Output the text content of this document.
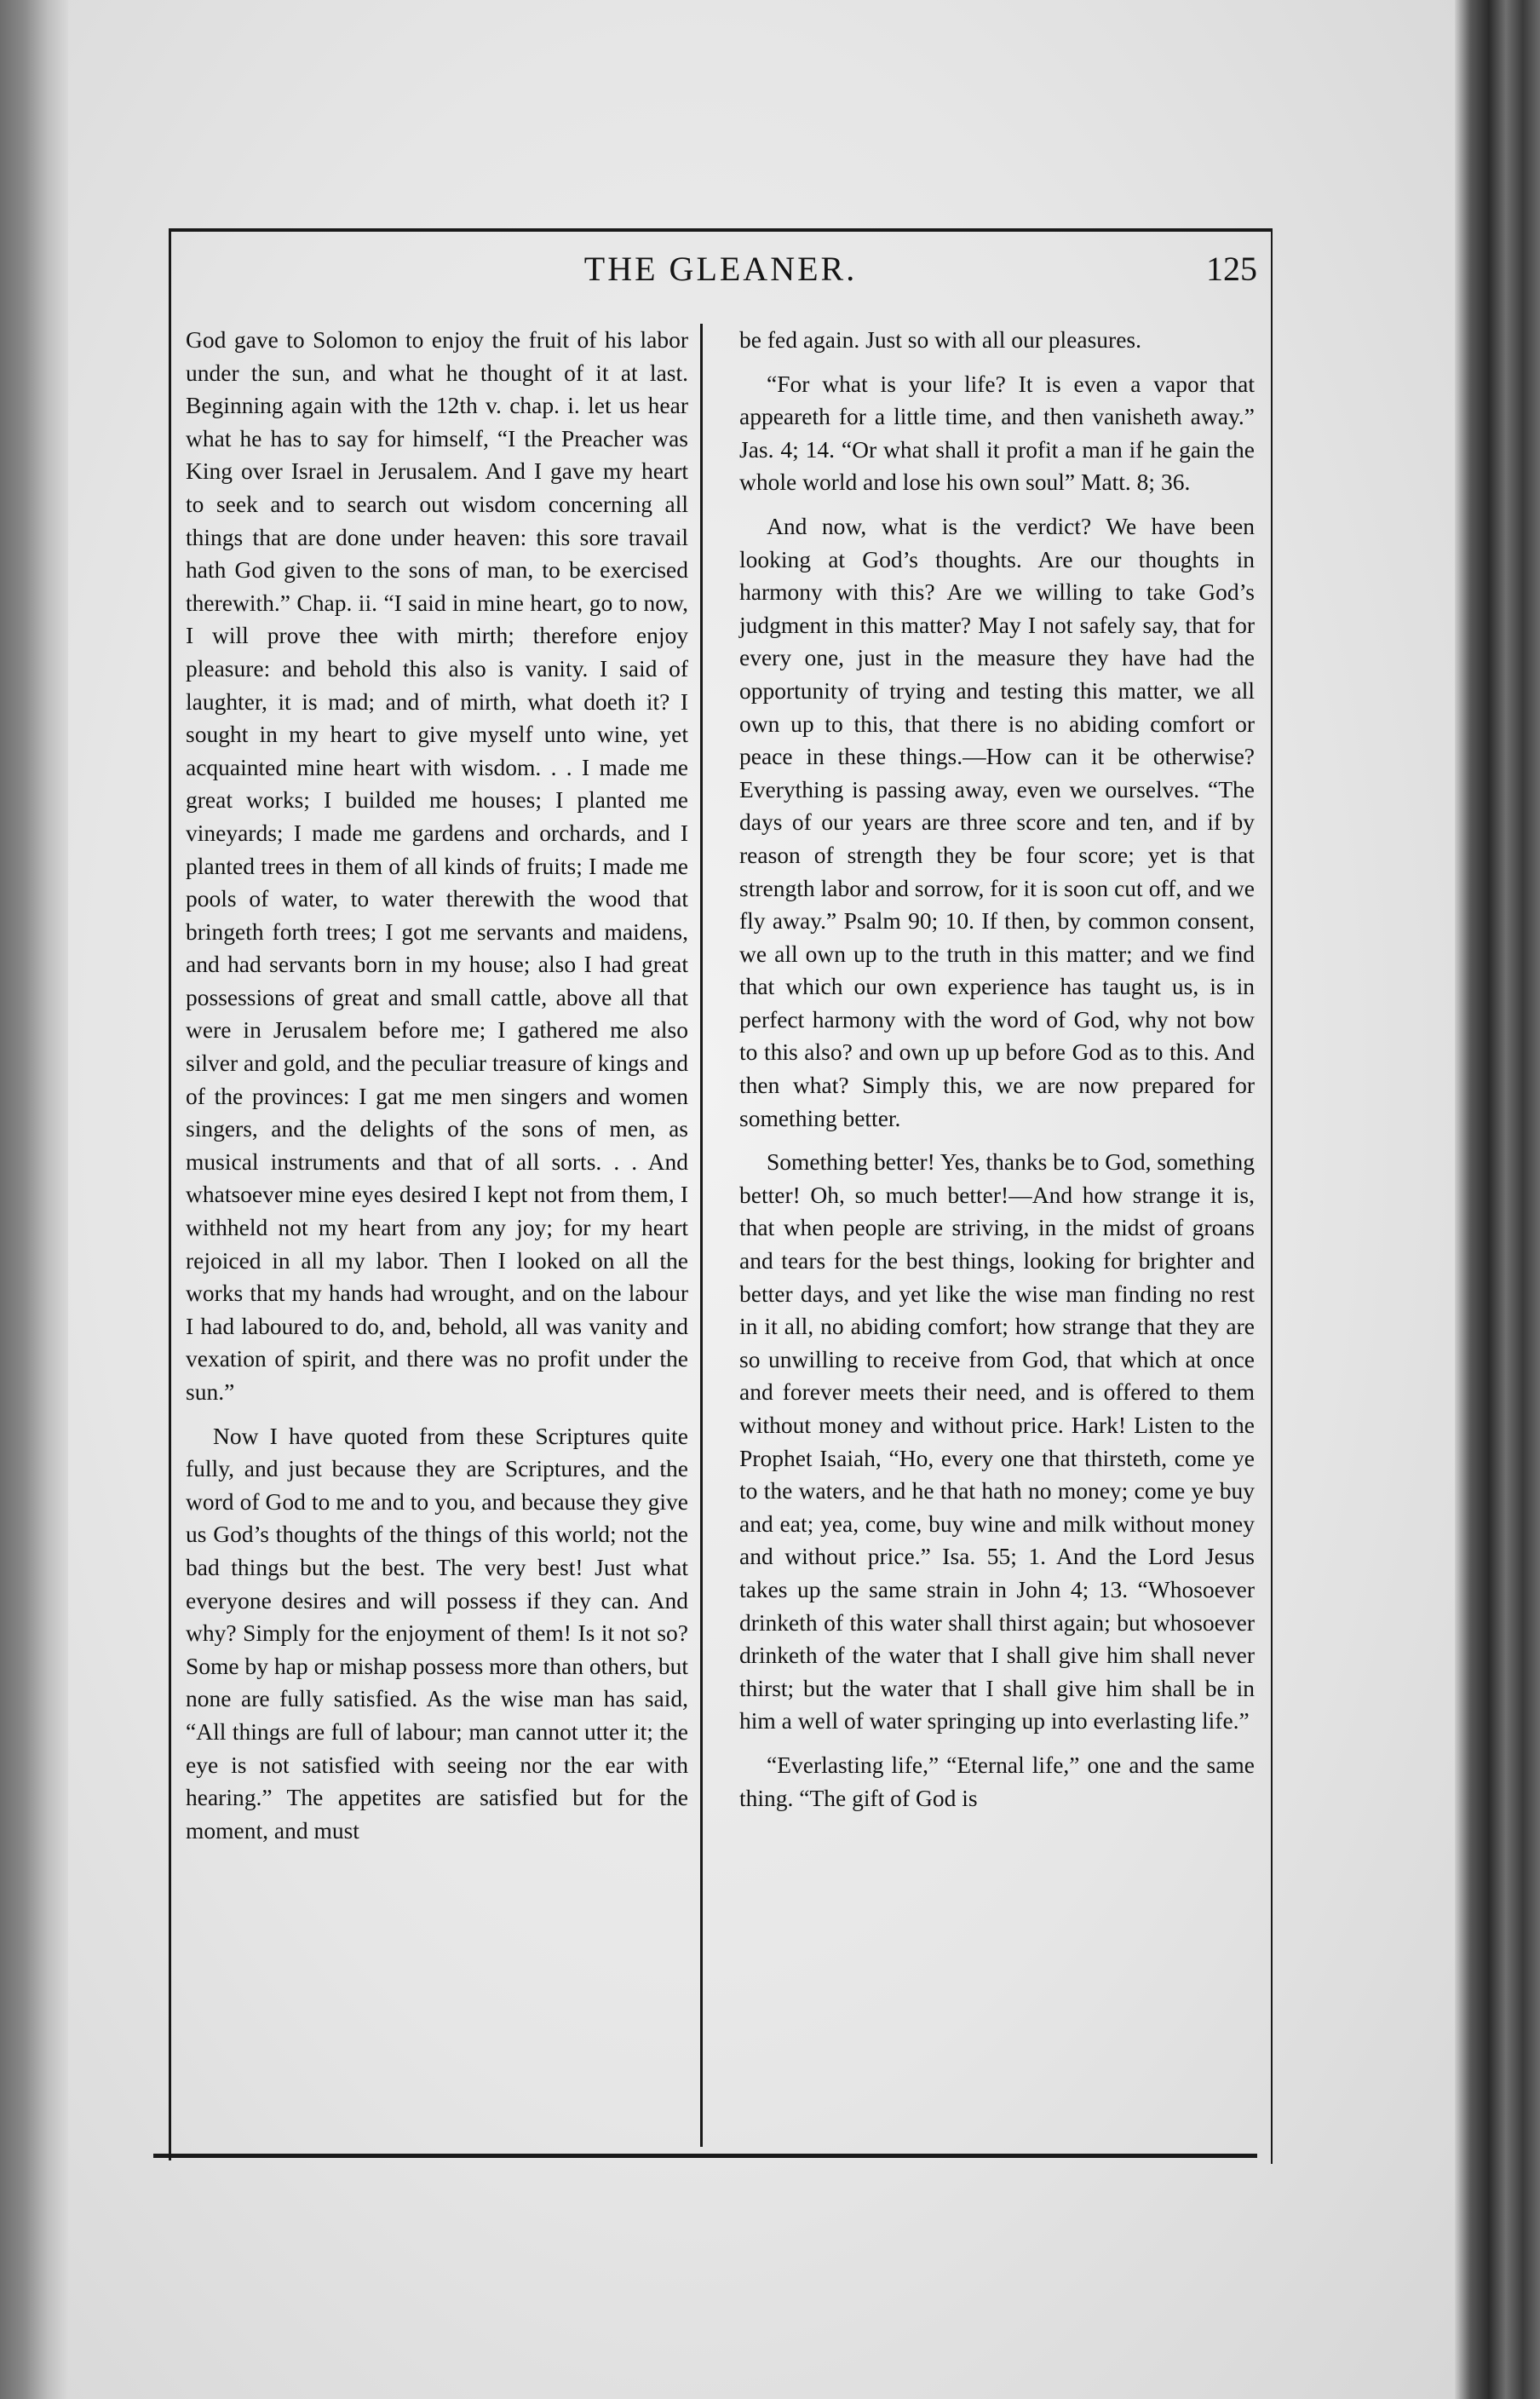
THE GLEANER.	125

God gave to Solomon to enjoy the fruit of his labor under the sun, and what he thought of it at last. Beginning again with the 12th v. chap. i. let us hear what he has to say for himself, “I the Preacher was King over Israel in Jerusalem. And I gave my heart to seek and to search out wisdom concerning all things that are done under heaven: this sore travail hath God given to the sons of man, to be exercised therewith.” Chap. ii. “I said in mine heart, go to now, I will prove thee with mirth; therefore enjoy pleasure: and behold this also is vanity. I said of laughter, it is mad; and of mirth, what doeth it? I sought in my heart to give myself unto wine, yet acquainted mine heart with wisdom. . . I made me great works; I builded me houses; I planted me vineyards; I made me gardens and orchards, and I planted trees in them of all kinds of fruits; I made me pools of water, to water therewith the wood that bringeth forth trees; I got me servants and maidens, and had servants born in my house; also I had great possessions of great and small cattle, above all that were in Jerusalem before me; I gathered me also silver and gold, and the peculiar treasure of kings and of the provinces: I gat me men singers and women singers, and the delights of the sons of men, as musical instruments and that of all sorts. . . And whatsoever mine eyes desired I kept not from them, I withheld not my heart from any joy; for my heart rejoiced in all my labor. Then I looked on all the works that my hands had wrought, and on the labour I had laboured to do, and, behold, all was vanity and vexation of spirit, and there was no profit under the sun.”

Now I have quoted from these Scriptures quite fully, and just because they are Scriptures, and the word of God to me and to you, and because they give us God’s thoughts of the things of this world; not the bad things but the best. The very best! Just what everyone desires and will possess if they can. And why? Simply for the enjoyment of them! Is it not so? Some by hap or mishap possess more than others, but none are fully satisfied. As the wise man has said, “All things are full of labour; man cannot utter it; the eye is not satisfied with seeing nor the ear with hearing.” The appetites are satisfied but for the moment, and must

be fed again. Just so with all our pleasures.

“For what is your life? It is even a vapor that appeareth for a little time, and then vanisheth away.” Jas. 4; 14. “Or what shall it profit a man if he gain the whole world and lose his own soul” Matt. 8; 36.

And now, what is the verdict? We have been looking at God’s thoughts. Are our thoughts in harmony with this? Are we willing to take God’s judgment in this matter? May I not safely say, that for every one, just in the measure they have had the opportunity of trying and testing this matter, we all own up to this, that there is no abiding comfort or peace in these things.—How can it be otherwise? Everything is passing away, even we ourselves. “The days of our years are three score and ten, and if by reason of strength they be four score; yet is that strength labor and sorrow, for it is soon cut off, and we fly away.” Psalm 90; 10. If then, by common consent, we all own up to the truth in this matter; and we find that which our own experience has taught us, is in perfect harmony with the word of God, why not bow to this also? and own up up before God as to this. And then what? Simply this, we are now prepared for something better.

Something better! Yes, thanks be to God, something better! Oh, so much better!—And how strange it is, that when people are striving, in the midst of groans and tears for the best things, looking for brighter and better days, and yet like the wise man finding no rest in it all, no abiding comfort; how strange that they are so unwilling to receive from God, that which at once and forever meets their need, and is offered to them without money and without price. Hark! Listen to the Prophet Isaiah, “Ho, every one that thirsteth, come ye to the waters, and he that hath no money; come ye buy and eat; yea, come, buy wine and milk without money and without price.” Isa. 55; 1. And the Lord Jesus takes up the same strain in John 4; 13. “Whosoever drinketh of this water shall thirst again; but whosoever drinketh of the water that I shall give him shall never thirst; but the water that I shall give him shall be in him a well of water springing up into everlasting life.”

“Everlasting life,” “Eternal life,” one and the same thing. “The gift of God is
